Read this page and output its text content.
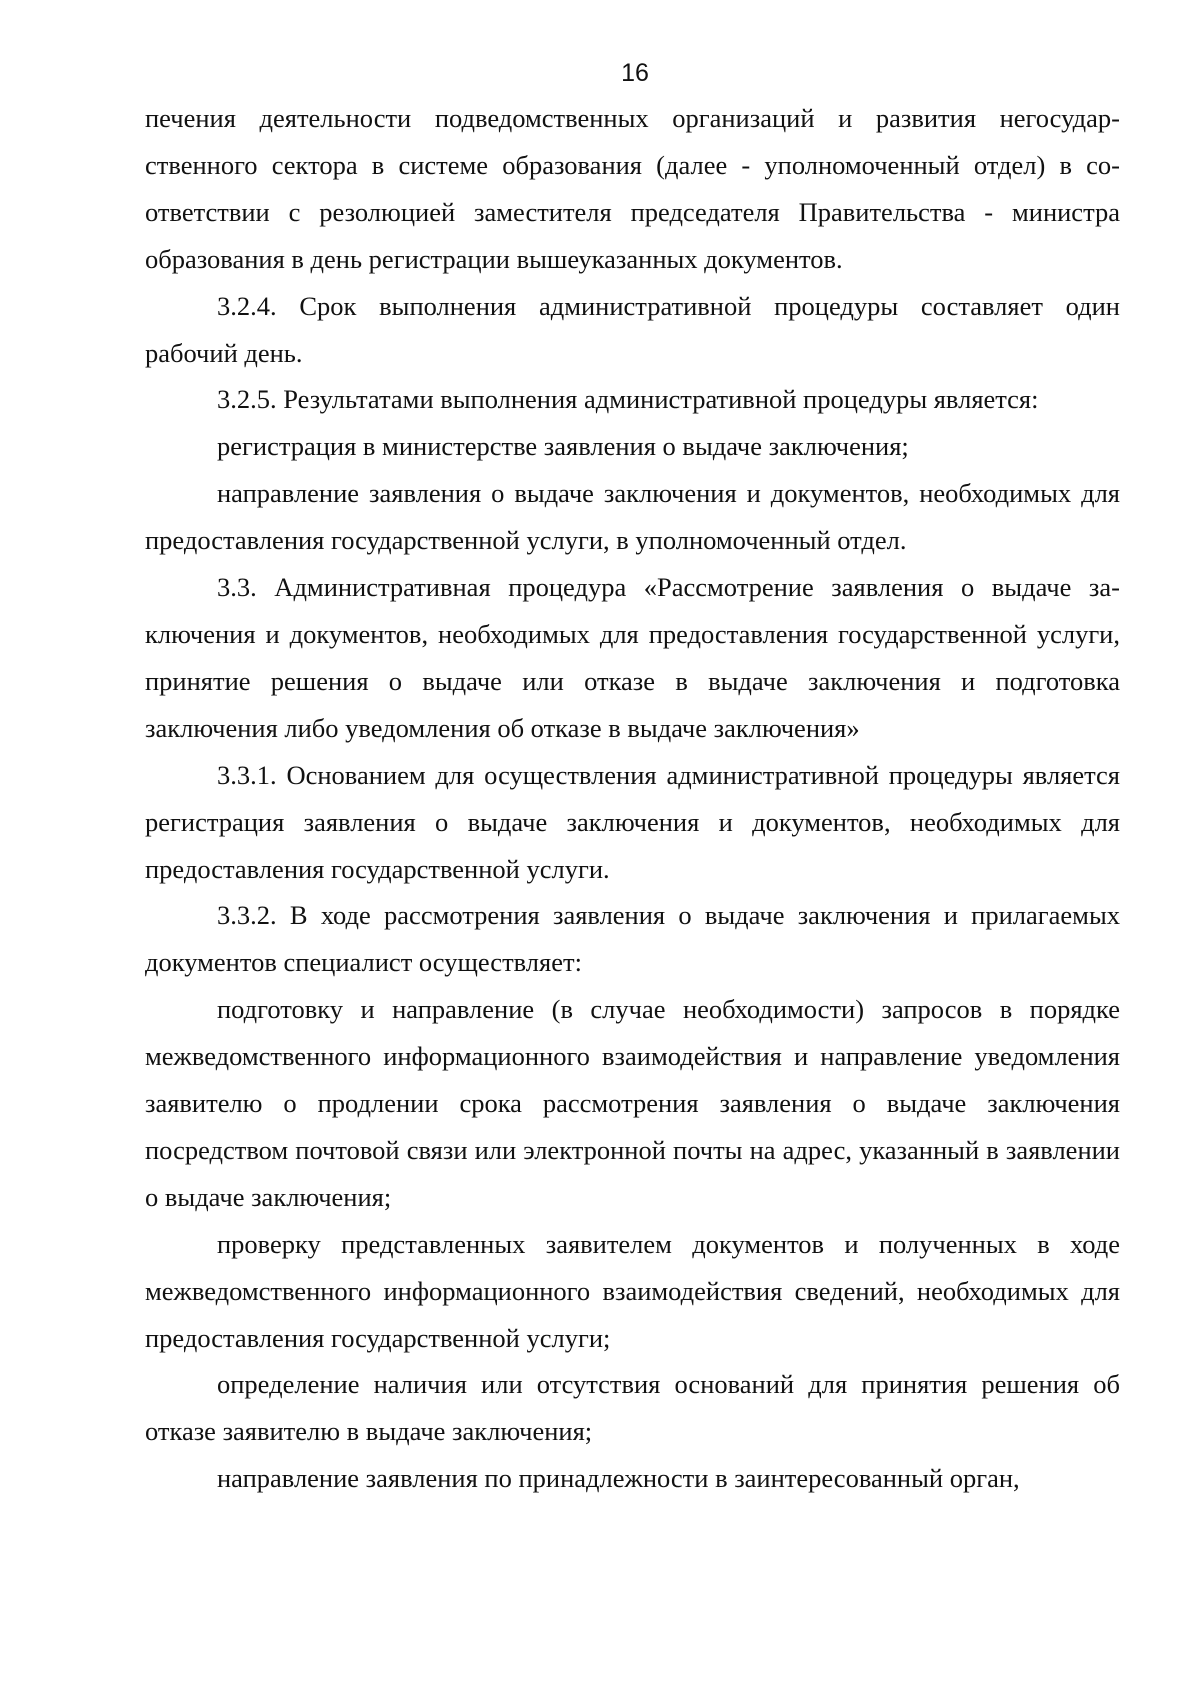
16

печения деятельности подведомственных организаций и развития негосударственного сектора в системе образования (далее - уполномоченный отдел) в соответствии с резолюцией заместителя председателя Правительства - министра образования в день регистрации вышеуказанных документов.

3.2.4. Срок выполнения административной процедуры составляет один рабочий день.

3.2.5. Результатами выполнения административной процедуры является:

регистрация в министерстве заявления о выдаче заключения;

направление заявления о выдаче заключения и документов, необходимых для предоставления государственной услуги, в уполномоченный отдел.

3.3. Административная процедура «Рассмотрение заявления о выдаче заключения и документов, необходимых для предоставления государственной услуги, принятие решения о выдаче или отказе в выдаче заключения и подготовка заключения либо уведомления об отказе в выдаче заключения»

3.3.1. Основанием для осуществления административной процедуры является регистрация заявления о выдаче заключения и документов, необходимых для предоставления государственной услуги.

3.3.2. В ходе рассмотрения заявления о выдаче заключения и прилагаемых документов специалист осуществляет:

подготовку и направление (в случае необходимости) запросов в порядке межведомственного информационного взаимодействия и направление уведомления заявителю о продлении срока рассмотрения заявления о выдаче заключения посредством почтовой связи или электронной почты на адрес, указанный в заявлении о выдаче заключения;

проверку представленных заявителем документов и полученных в ходе межведомственного информационного взаимодействия сведений, необходимых для предоставления государственной услуги;

определение наличия или отсутствия оснований для принятия решения об отказе заявителю в выдаче заключения;

направление заявления по принадлежности в заинтересованный орган,
